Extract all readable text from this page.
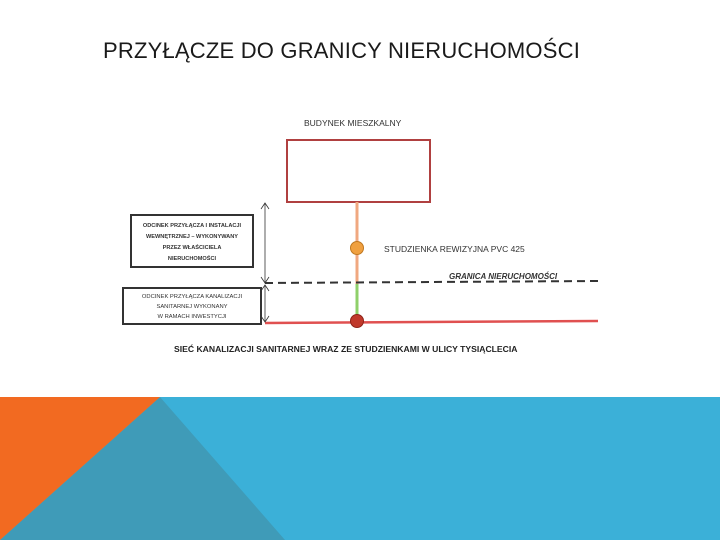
PRZYŁĄCZE DO GRANICY NIERUCHOMOŚCI
BUDYNEK MIESZKALNY
GRANICA NIERUCHOMOŚCI
STUDZIENKA REWIZYJNA PVC 425
ODCINEK PRZYŁĄCZA I INSTALACJI
WEWNĘTRZNEJ – WYKONYWANY
PRZEZ WŁAŚCICIELA
NIERUCHOMOŚCI
ODCINEK PRZYŁĄCZA KANALIZACJI
SANITARNEJ WYKONANY
W RAMACH INWESTYCJI
SIEĆ KANALIZACJI SANITARNEJ WRAZ ZE STUDZIENKAMI W ULICY TYSIĄCLECIA
